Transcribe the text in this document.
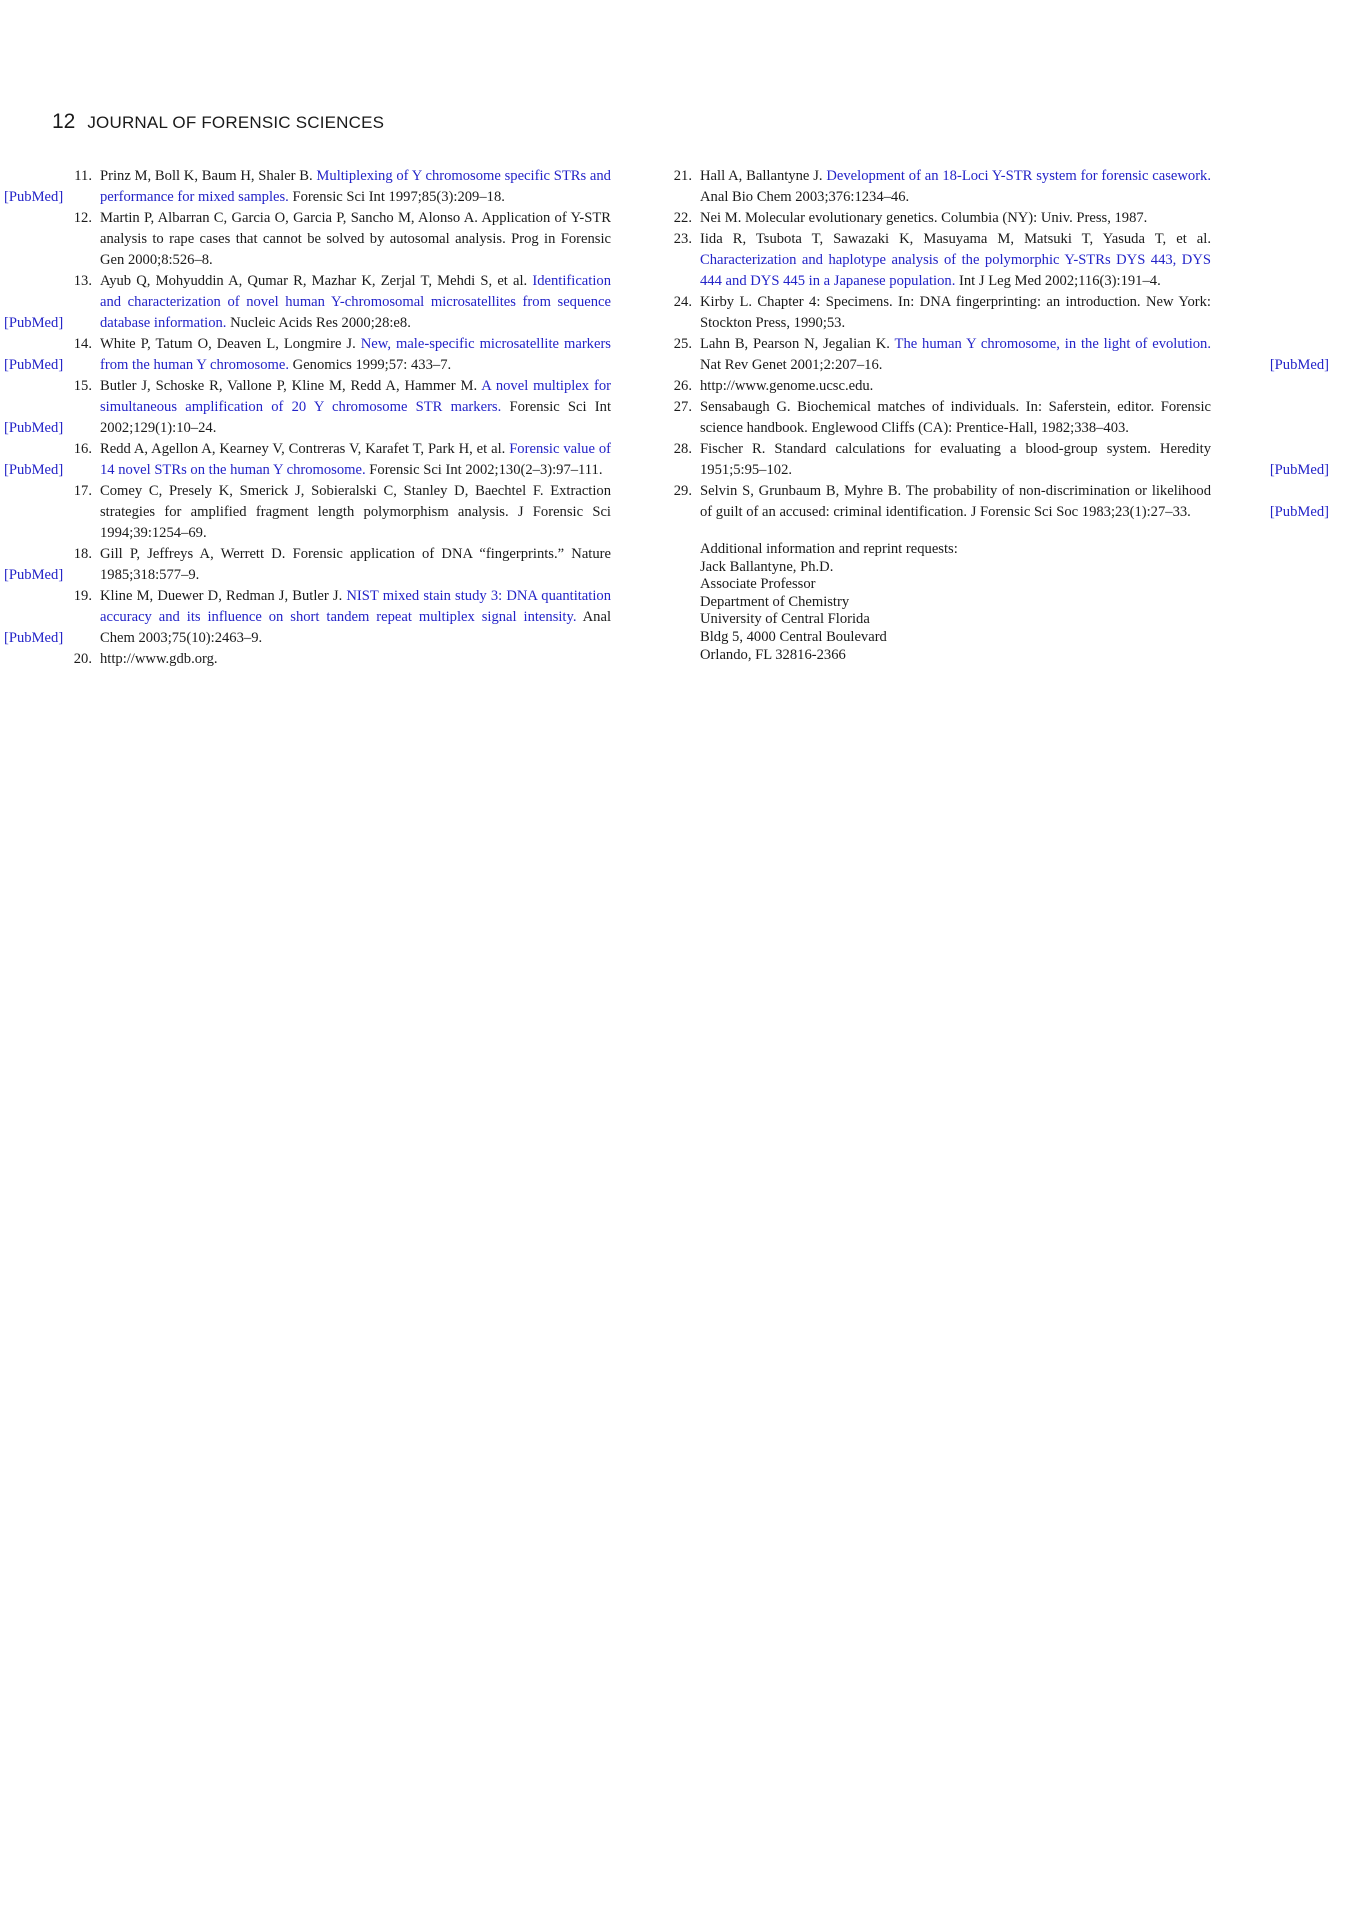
12 JOURNAL OF FORENSIC SCIENCES
11. Prinz M, Boll K, Baum H, Shaler B. Multiplexing of Y chromosome specific STRs and performance for mixed samples. Forensic Sci Int 1997;85(3):209–18.
[PubMed]
12. Martin P, Albarran C, Garcia O, Garcia P, Sancho M, Alonso A. Application of Y-STR analysis to rape cases that cannot be solved by autosomal analysis. Prog in Forensic Gen 2000;8:526–8.
13. Ayub Q, Mohyuddin A, Qumar R, Mazhar K, Zerjal T, Mehdi S, et al. Identification and characterization of novel human Y-chromosomal microsatellites from sequence database information. Nucleic Acids Res 2000;28:e8.
[PubMed]
14. White P, Tatum O, Deaven L, Longmire J. New, male-specific microsatellite markers from the human Y chromosome. Genomics 1999;57: 433–7.
[PubMed]
15. Butler J, Schoske R, Vallone P, Kline M, Redd A, Hammer M. A novel multiplex for simultaneous amplification of 20 Y chromosome STR markers. Forensic Sci Int 2002;129(1):10–24.
[PubMed]
16. Redd A, Agellon A, Kearney V, Contreras V, Karafet T, Park H, et al. Forensic value of 14 novel STRs on the human Y chromosome. Forensic Sci Int 2002;130(2–3):97–111.
[PubMed]
17. Comey C, Presely K, Smerick J, Sobieralski C, Stanley D, Baechtel F. Extraction strategies for amplified fragment length polymorphism analysis. J Forensic Sci 1994;39:1254–69.
18. Gill P, Jeffreys A, Werrett D. Forensic application of DNA “fingerprints.” Nature 1985;318:577–9.
[PubMed]
19. Kline M, Duewer D, Redman J, Butler J. NIST mixed stain study 3: DNA quantitation accuracy and its influence on short tandem repeat multiplex signal intensity. Anal Chem 2003;75(10):2463–9.
[PubMed]
20. http://www.gdb.org.
21. Hall A, Ballantyne J. Development of an 18-Loci Y-STR system for forensic casework. Anal Bio Chem 2003;376:1234–46.
22. Nei M. Molecular evolutionary genetics. Columbia (NY): Univ. Press, 1987.
23. Iida R, Tsubota T, Sawazaki K, Masuyama M, Matsuki T, Yasuda T, et al. Characterization and haplotype analysis of the polymorphic Y-STRs DYS 443, DYS 444 and DYS 445 in a Japanese population. Int J Leg Med 2002;116(3):191–4.
24. Kirby L. Chapter 4: Specimens. In: DNA fingerprinting: an introduction. New York: Stockton Press, 1990;53.
25. Lahn B, Pearson N, Jegalian K. The human Y chromosome, in the light of evolution. Nat Rev Genet 2001;2:207–16.	[PubMed]
26. http://www.genome.ucsc.edu.
27. Sensabaugh G. Biochemical matches of individuals. In: Saferstein, editor. Forensic science handbook. Englewood Cliffs (CA): Prentice-Hall, 1982;338–403.
28. Fischer R. Standard calculations for evaluating a blood-group system. Heredity 1951;5:95–102.	[PubMed]
29. Selvin S, Grunbaum B, Myhre B. The probability of non-discrimination or likelihood of guilt of an accused: criminal identification. J Forensic Sci Soc 1983;23(1):27–33.	[PubMed]
Additional information and reprint requests:
Jack Ballantyne, Ph.D.
Associate Professor
Department of Chemistry
University of Central Florida
Bldg 5, 4000 Central Boulevard
Orlando, FL 32816-2366
